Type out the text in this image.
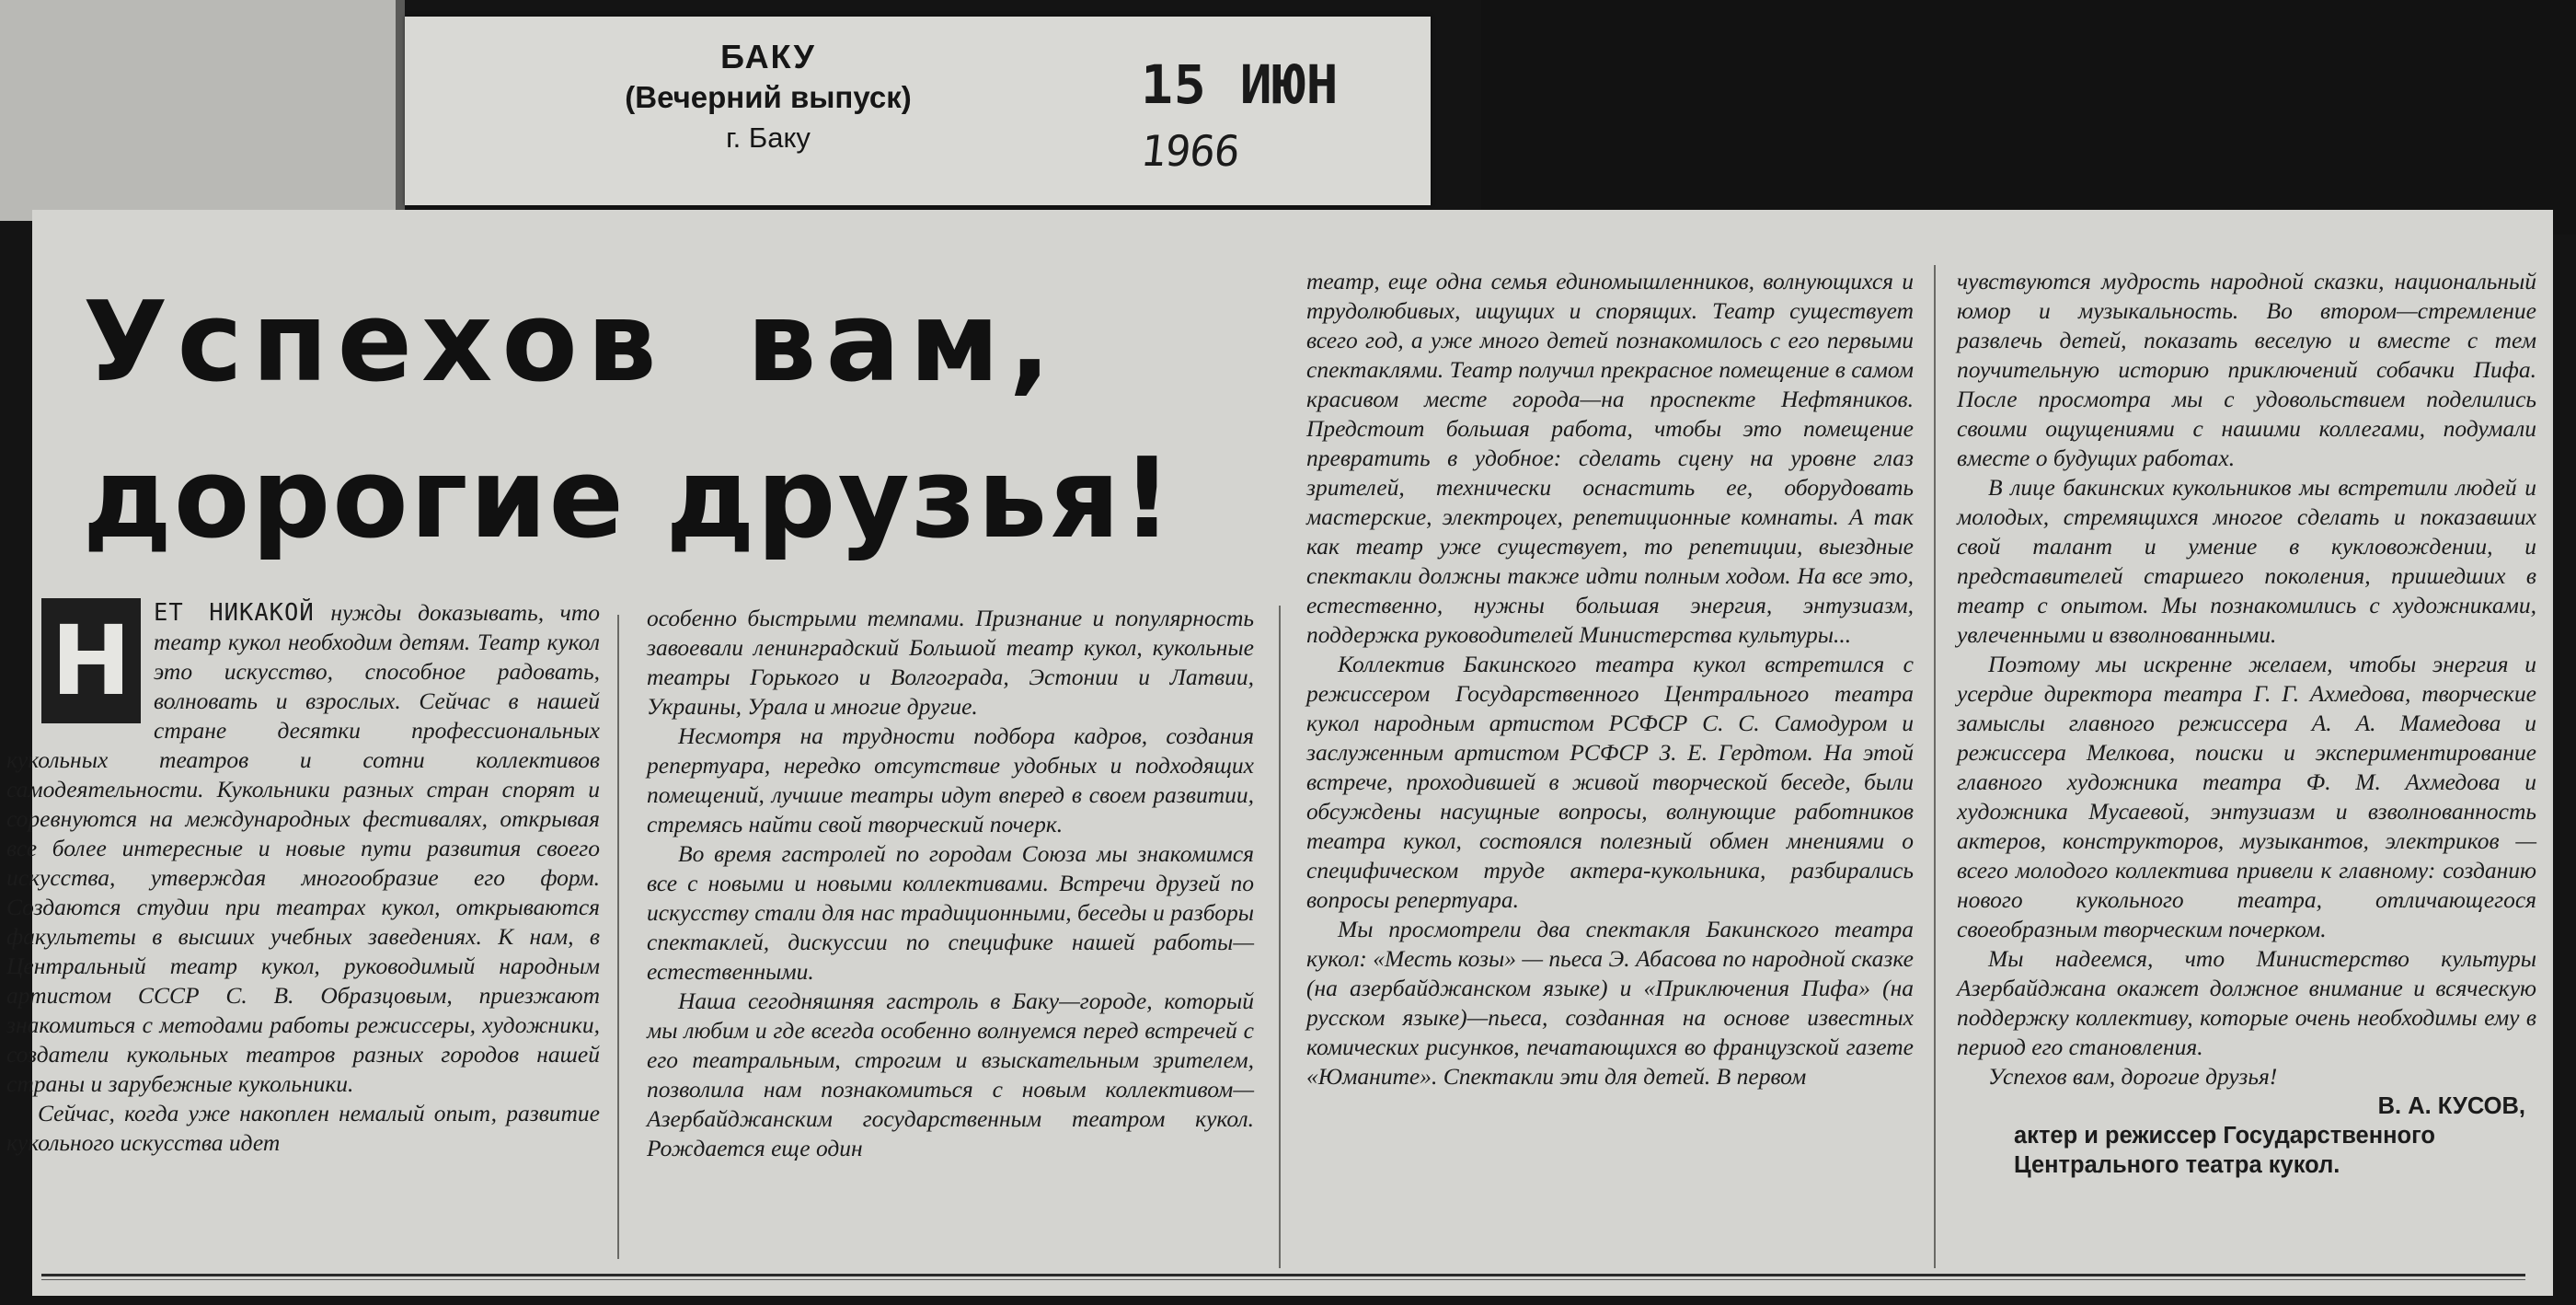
БАКУ
(Вечерний выпуск)
г. Баку
15 ИЮН 1966
Успехов вам,
дорогие друзья!

Н ЕТ НИКАКОЙ нужды доказывать, что театр кукол необходим детям. Театр кукол это искусство, способное радовать, волновать и взрослых. Сейчас в нашей стране десятки профессиональных кукольных театров и сотни коллективов самодеятельности. Кукольники разных стран спорят и соревнуются на международных фестивалях, открывая все более интересные и новые пути развития своего искусства, утверждая многообразие его форм. Создаются студии при театрах кукол, открываются факультеты в высших учебных заведениях. К нам, в Центральный театр кукол, руководимый народным артистом СССР С. В. Образцовым, приезжают знакомиться с методами работы режиссеры, художники, создатели кукольных театров разных городов нашей страны и зарубежные кукольники.

Сейчас, когда уже накоплен немалый опыт, развитие кукольного искусства идет

особенно быстрыми темпами. Признание и популярность завоевали ленинградский Большой театр кукол, кукольные театры Горького и Волгограда, Эстонии и Латвии, Украины, Урала и многие другие.

Несмотря на трудности подбора кадров, создания репертуара, нередко отсутствие удобных и подходящих помещений, лучшие театры идут вперед в своем развитии, стремясь найти свой творческий почерк.

Во время гастролей по городам Союза мы знакомимся все с новыми и новыми коллективами. Встречи друзей по искусству стали для нас традиционными, беседы и разборы спектаклей, дискуссии по специфике нашей работы—естественными.

Наша сегодняшняя гастроль в Баку—городе, который мы любим и где всегда особенно волнуемся перед встречей с его театральным, строгим и взыскательным зрителем, позволила нам познакомиться с новым коллективом—Азербайджанским государственным театром кукол. Рождается еще один

театр, еще одна семья единомышленников, волнующихся и трудолюбивых, ищущих и спорящих. Театр существует всего год, а уже много детей познакомилось с его первыми спектаклями. Театр получил прекрасное помещение в самом красивом месте города—на проспекте Нефтяников. Предстоит большая работа, чтобы это помещение превратить в удобное: сделать сцену на уровне глаз зрителей, технически оснастить ее, оборудовать мастерские, электроцех, репетиционные комнаты. А так как театр уже существует, то репетиции, выездные спектакли должны также идти полным ходом. На все это, естественно, нужны большая энергия, энтузиазм, поддержка руководителей Министерства культуры...

Коллектив Бакинского театра кукол встретился с режиссером Государственного Центрального театра кукол народным артистом РСФСР С. С. Самодуром и заслуженным артистом РСФСР З. Е. Гердтом. На этой встрече, проходившей в живой творческой беседе, были обсуждены насущные вопросы, волнующие работников театра кукол, состоялся полезный обмен мнениями о специфическом труде актера-кукольника, разбирались вопросы репертуара.

Мы просмотрели два спектакля Бакинского театра кукол: «Месть козы» — пьеса Э. Абасова по народной сказке (на азербайджанском языке) и «Приключения Пифа» (на русском языке)—пьеса, созданная на основе известных комических рисунков, печатающихся во французской газете «Юманите». Спектакли эти для детей. В первом

чувствуются мудрость народной сказки, национальный юмор и музыкальность. Во втором—стремление развлечь детей, показать веселую и вместе с тем поучительную историю приключений собачки Пифа. После просмотра мы с удовольствием поделились своими ощущениями с нашими коллегами, подумали вместе о будущих работах.

В лице бакинских кукольников мы встретили людей и молодых, стремящихся многое сделать и показавших свой талант и умение в кукловождении, и представителей старшего поколения, пришедших в театр с опытом. Мы познакомились с художниками, увлеченными и взволнованными.

Поэтому мы искренне желаем, чтобы энергия и усердие директора театра Г. Г. Ахмедова, творческие замыслы главного режиссера А. А. Мамедова и режиссера Мелкова, поиски и экспериментирование главного художника театра Ф. М. Ахмедова и художника Мусаевой, энтузиазм и взволнованность актеров, конструкторов, музыкантов, электриков — всего молодого коллектива привели к главному: созданию нового кукольного театра, отличающегося своеобразным творческим почерком.

Мы надеемся, что Министерство культуры Азербайджана окажет должное внимание и всяческую поддержку коллективу, которые очень необходимы ему в период его становления.

Успехов вам, дорогие друзья!

В. А. КУСОВ,

актер и режиссер Государственного Центрального театра кукол.
